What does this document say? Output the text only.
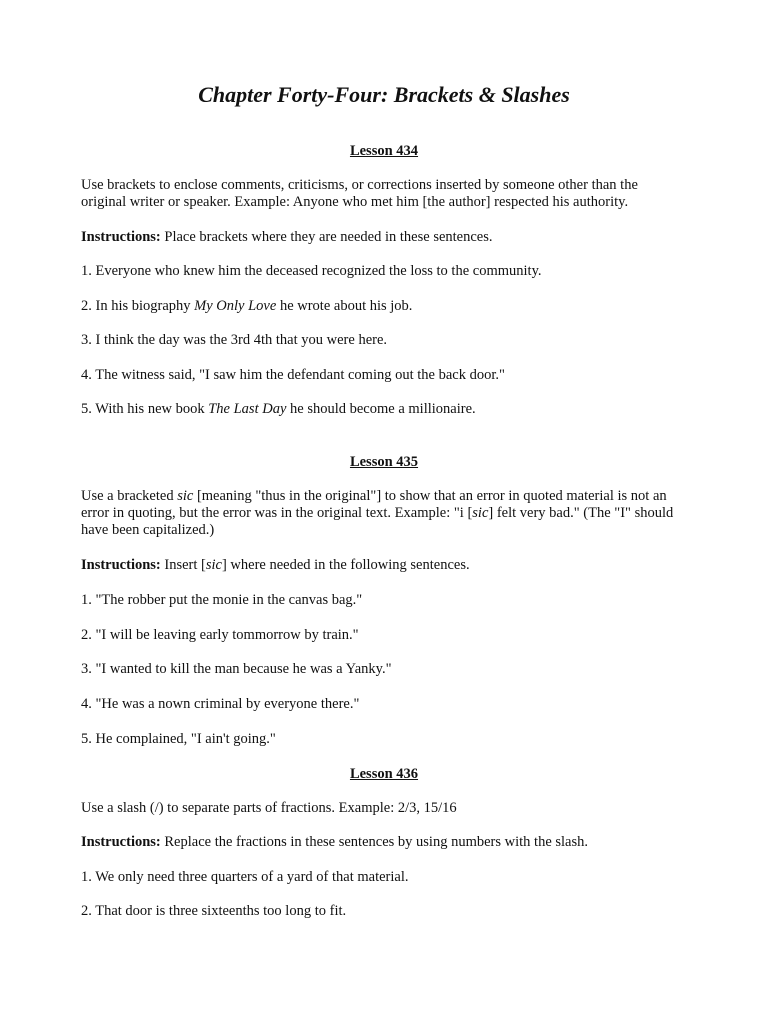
Chapter Forty-Four: Brackets & Slashes
Lesson 434

Use brackets to enclose comments, criticisms, or corrections inserted by someone other than the original writer or speaker. Example: Anyone who met him [the author] respected his authority.

Instructions: Place brackets where they are needed in these sentences.

1. Everyone who knew him the deceased recognized the loss to the community.

2. In his biography My Only Love he wrote about his job.

3. I think the day was the 3rd 4th that you were here.

4. The witness said, "I saw him the defendant coming out the back door."

5. With his new book The Last Day he should become a millionaire.

Lesson 435

Use a bracketed sic [meaning "thus in the original"] to show that an error in quoted material is not an error in quoting, but the error was in the original text. Example: "i [sic] felt very bad." (The "I" should have been capitalized.)

Instructions: Insert [sic] where needed in the following sentences.

1. "The robber put the monie in the canvas bag."

2. "I will be leaving early tommorrow by train."

3. "I wanted to kill the man because he was a Yanky."

4. "He was a nown criminal by everyone there."

5. He complained, "I ain't going."

Lesson 436

Use a slash (/) to separate parts of fractions. Example: 2/3, 15/16

Instructions: Replace the fractions in these sentences by using numbers with the slash.

1. We only need three quarters of a yard of that material.

2. That door is three sixteenths too long to fit.
